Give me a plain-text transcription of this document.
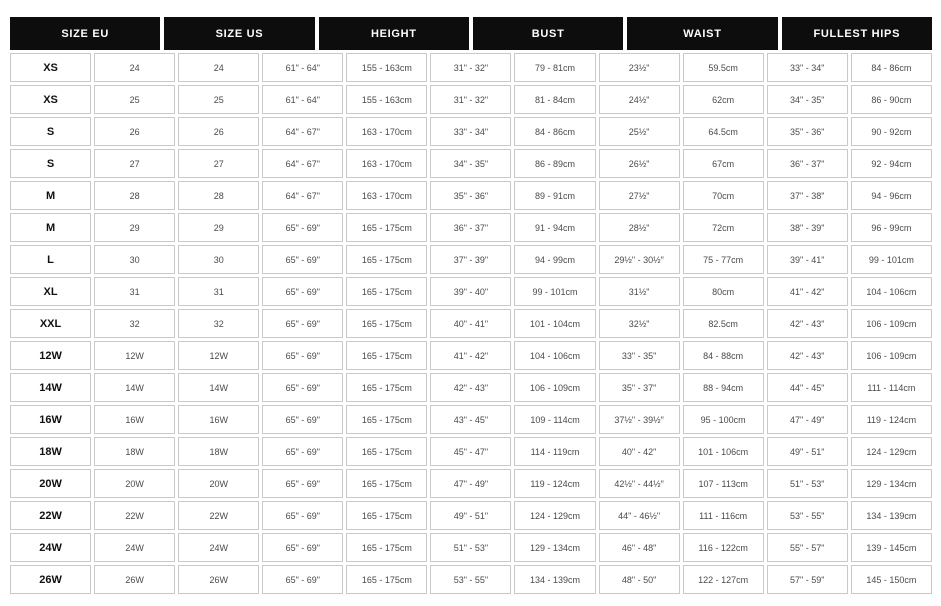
SIZE EU	SIZE US	HEIGHT	BUST	WAIST	FULLEST HIPS
XS	24	24	61" - 64"	155 - 163cm	31" - 32"	79 - 81cm	23½"	59.5cm	33" - 34"	84 - 86cm
XS	25	25	61" - 64"	155 - 163cm	31" - 32"	81 - 84cm	24½"	62cm	34" - 35"	86 - 90cm
S	26	26	64" - 67"	163 - 170cm	33" - 34"	84 - 86cm	25½"	64.5cm	35" - 36"	90 - 92cm
S	27	27	64" - 67"	163 - 170cm	34" - 35"	86 - 89cm	26½"	67cm	36" - 37"	92 - 94cm
M	28	28	64" - 67"	163 - 170cm	35" - 36"	89 - 91cm	27½"	70cm	37" - 38"	94 - 96cm
M	29	29	65" - 69"	165 - 175cm	36" - 37"	91 - 94cm	28½"	72cm	38" - 39"	96 - 99cm
L	30	30	65" - 69"	165 - 175cm	37" - 39"	94 - 99cm	29½" - 30½"	75 - 77cm	39" - 41"	99 - 101cm
XL	31	31	65" - 69"	165 - 175cm	39" - 40"	99 - 101cm	31½"	80cm	41" - 42"	104 - 106cm
XXL	32	32	65" - 69"	165 - 175cm	40" - 41"	101 - 104cm	32½"	82.5cm	42" - 43"	106 - 109cm
12W	12W	12W	65" - 69"	165 - 175cm	41" - 42"	104 - 106cm	33" - 35"	84 - 88cm	42" - 43"	106 - 109cm
14W	14W	14W	65" - 69"	165 - 175cm	42" - 43"	106 - 109cm	35" - 37"	88 - 94cm	44" - 45"	111 - 114cm
16W	16W	16W	65" - 69"	165 - 175cm	43" - 45"	109 - 114cm	37½" - 39½"	95 - 100cm	47" - 49"	119 - 124cm
18W	18W	18W	65" - 69"	165 - 175cm	45" - 47"	114 - 119cm	40" - 42"	101 - 106cm	49" - 51"	124 - 129cm
20W	20W	20W	65" - 69"	165 - 175cm	47" - 49"	119 - 124cm	42½" - 44½"	107 - 113cm	51" - 53"	129 - 134cm
22W	22W	22W	65" - 69"	165 - 175cm	49" - 51"	124 - 129cm	44" - 46½"	111 - 116cm	53" - 55"	134 - 139cm
24W	24W	24W	65" - 69"	165 - 175cm	51" - 53"	129 - 134cm	46" - 48"	116 - 122cm	55" - 57"	139 - 145cm
26W	26W	26W	65" - 69"	165 - 175cm	53" - 55"	134 - 139cm	48" - 50"	122 - 127cm	57" - 59"	145 - 150cm
